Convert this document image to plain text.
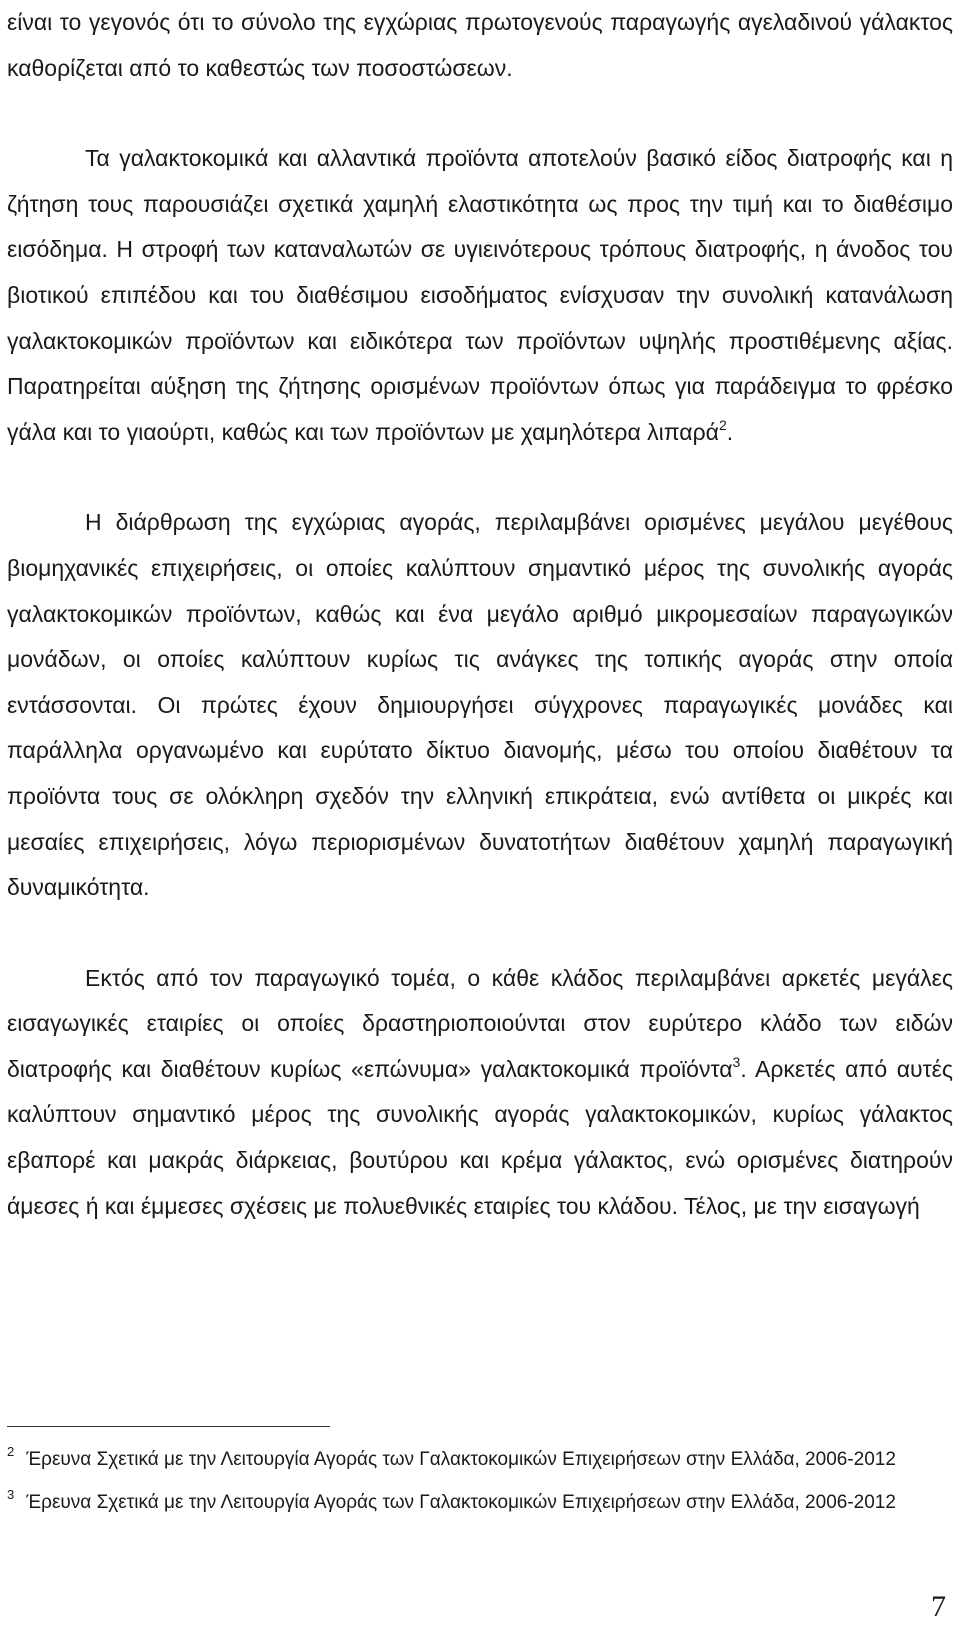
είναι το γεγονός ότι το σύνολο της εγχώριας πρωτογενούς παραγωγής αγελαδινού γάλακτος καθορίζεται από το καθεστώς των ποσοστώσεων.

Τα γαλακτοκομικά και αλλαντικά προϊόντα αποτελούν βασικό είδος διατροφής και η ζήτηση τους παρουσιάζει σχετικά χαμηλή ελαστικότητα ως προς την τιμή και το διαθέσιμο εισόδημα. Η στροφή των καταναλωτών σε υγιεινότερους τρόπους διατροφής, η άνοδος του βιοτικού επιπέδου και του διαθέσιμου εισοδήματος ενίσχυσαν την συνολική κατανάλωση γαλακτοκομικών προϊόντων και ειδικότερα των προϊόντων υψηλής προστιθέμενης αξίας. Παρατηρείται αύξηση της ζήτησης ορισμένων προϊόντων όπως για παράδειγμα το φρέσκο γάλα και το γιαούρτι, καθώς και των προϊόντων με χαμηλότερα λιπαρά$^2$.

Η διάρθρωση της εγχώριας αγοράς, περιλαμβάνει ορισμένες μεγάλου μεγέθους βιομηχανικές επιχειρήσεις, οι οποίες καλύπτουν σημαντικό μέρος της συνολικής αγοράς γαλακτοκομικών προϊόντων, καθώς και ένα μεγάλο αριθμό μικρομεσαίων παραγωγικών μονάδων, οι οποίες καλύπτουν κυρίως τις ανάγκες της τοπικής αγοράς στην οποία εντάσσονται. Οι πρώτες έχουν δημιουργήσει σύγχρονες παραγωγικές μονάδες και παράλληλα οργανωμένο και ευρύτατο δίκτυο διανομής, μέσω του οποίου διαθέτουν τα προϊόντα τους σε ολόκληρη σχεδόν την ελληνική επικράτεια, ενώ αντίθετα οι μικρές και μεσαίες επιχειρήσεις, λόγω περιορισμένων δυνατοτήτων διαθέτουν χαμηλή παραγωγική δυναμικότητα.

Εκτός από τον παραγωγικό τομέα, ο κάθε κλάδος περιλαμβάνει αρκετές μεγάλες εισαγωγικές εταιρίες οι οποίες δραστηριοποιούνται στον ευρύτερο κλάδο των ειδών διατροφής και διαθέτουν κυρίως «επώνυμα» γαλακτοκομικά προϊόντα$^3$. Αρκετές από αυτές καλύπτουν σημαντικό μέρος της συνολικής αγοράς γαλακτοκομικών, κυρίως γάλακτος εβαπορέ και μακράς διάρκειας, βουτύρου και κρέμα γάλακτος, ενώ ορισμένες διατηρούν άμεσες ή και έμμεσες σχέσεις με πολυεθνικές εταιρίες του κλάδου. Τέλος, με την εισαγωγή

$^2$ Έρευνα Σχετικά με την Λειτουργία Αγοράς των Γαλακτοκομικών Επιχειρήσεων στην Ελλάδα, 2006-2012

$^3$ Έρευνα Σχετικά με την Λειτουργία Αγοράς των Γαλακτοκομικών Επιχειρήσεων στην Ελλάδα, 2006-2012

7
